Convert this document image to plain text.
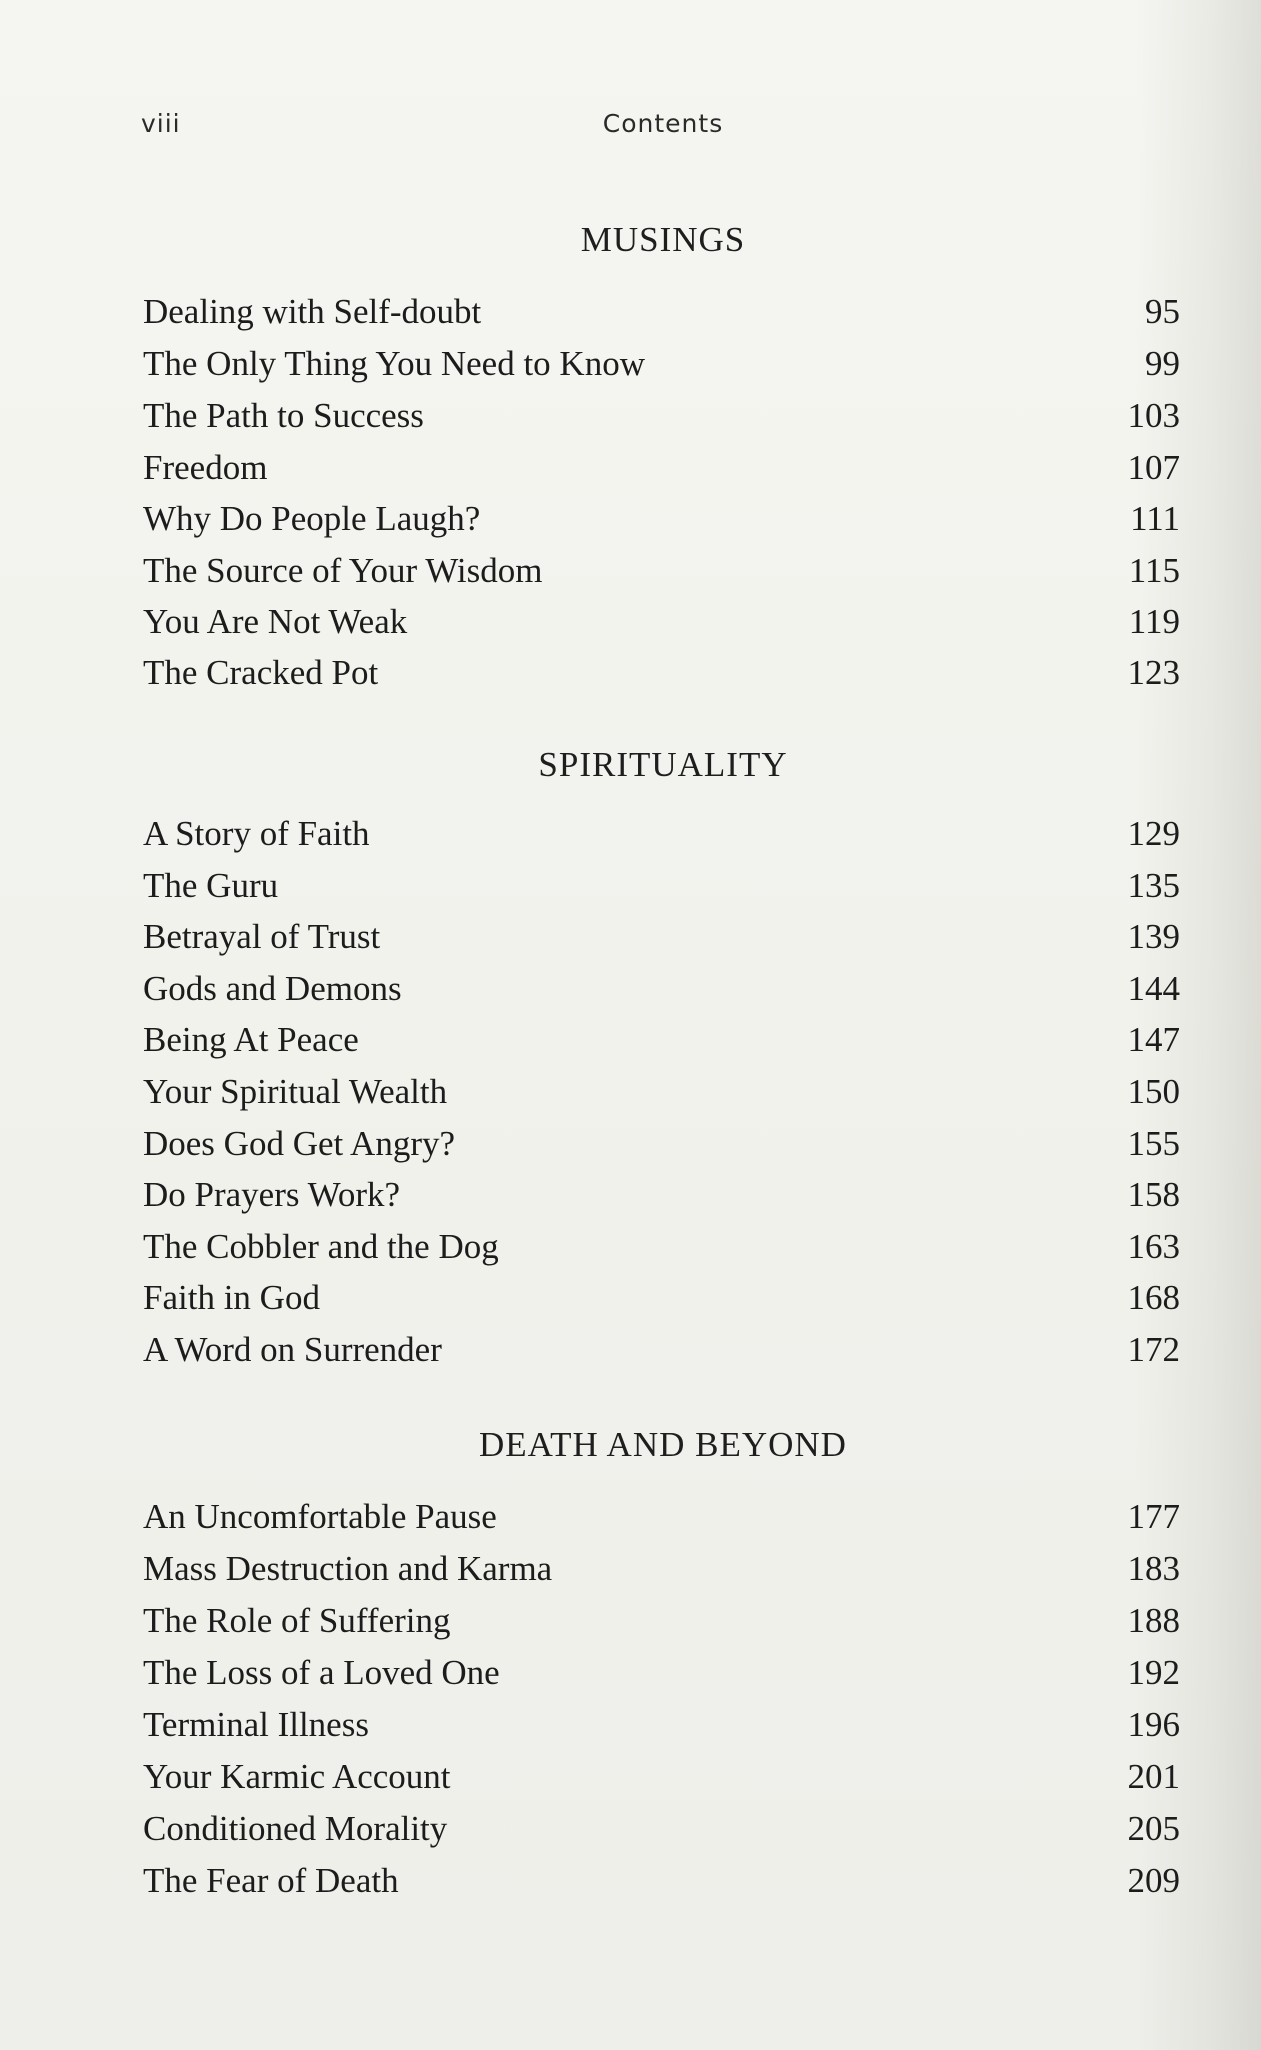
viii	Contents
MUSINGS
Dealing with Self-doubt	95
The Only Thing You Need to Know	99
The Path to Success	103
Freedom	107
Why Do People Laugh?	111
The Source of Your Wisdom	115
You Are Not Weak	119
The Cracked Pot	123
SPIRITUALITY
A Story of Faith	129
The Guru	135
Betrayal of Trust	139
Gods and Demons	144
Being At Peace	147
Your Spiritual Wealth	150
Does God Get Angry?	155
Do Prayers Work?	158
The Cobbler and the Dog	163
Faith in God	168
A Word on Surrender	172
DEATH AND BEYOND
An Uncomfortable Pause	177
Mass Destruction and Karma	183
The Role of Suffering	188
The Loss of a Loved One	192
Terminal Illness	196
Your Karmic Account	201
Conditioned Morality	205
The Fear of Death	209
